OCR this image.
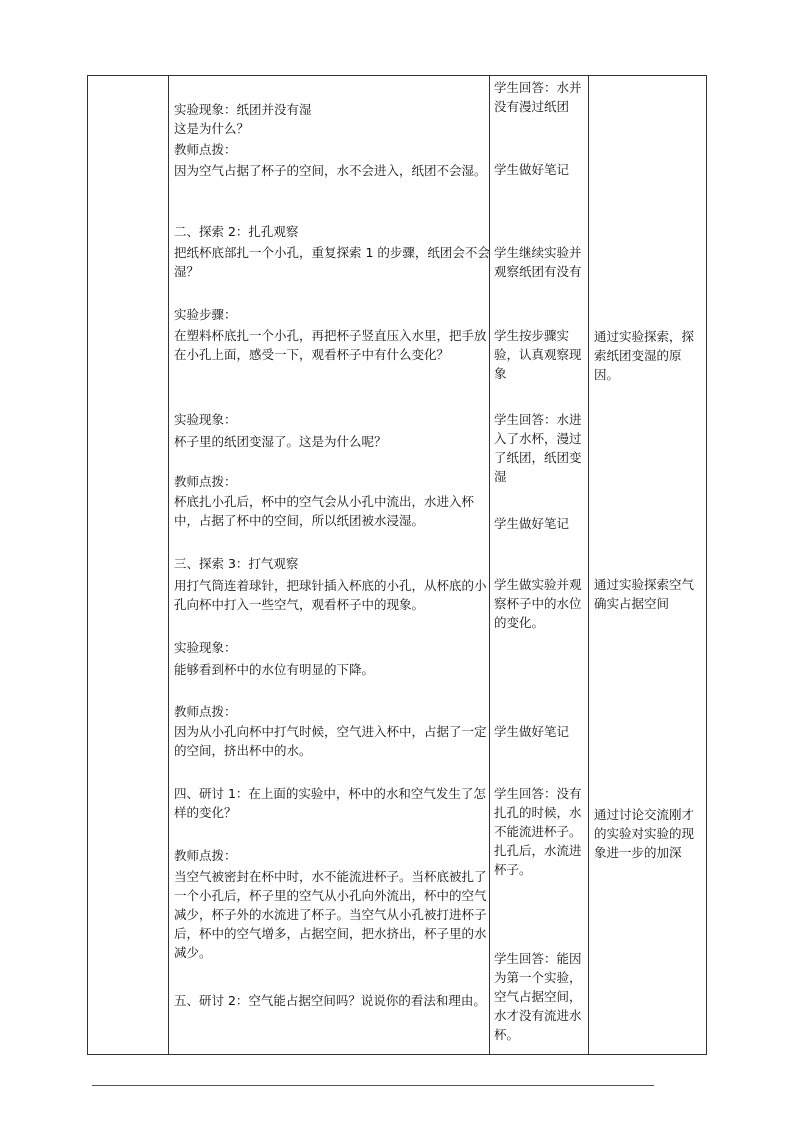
实验现象：纸团并没有湿

这是为什么？

教师点拨：

因为空气占据了杯子的空间，水不会进入，纸团不会湿。

二、探索 2：扎孔观察

把纸杯底部扎一个小孔，重复探索 1 的步骤，纸团会不会湿？

实验步骤：

在塑料杯底扎一个小孔，再把杯子竖直压入水里，把手放在小孔上面，感受一下，观看杯子中有什么变化？

实验现象：

杯子里的纸团变湿了。这是为什么呢？

教师点拨：

杯底扎小孔后，杯中的空气会从小孔中流出，水进入杯中，占据了杯中的空间，所以纸团被水浸湿。

三、探索 3：打气观察

用打气筒连着球针，把球针插入杯底的小孔，从杯底的小孔向杯中打入一些空气，观看杯子中的现象。

实验现象：

能够看到杯中的水位有明显的下降。

教师点拨：

因为从小孔向杯中打气时候，空气进入杯中，占据了一定的空间，挤出杯中的水。

四、研讨 1：在上面的实验中，杯中的水和空气发生了怎样的变化？

教师点拨：

当空气被密封在杯中时，水不能流进杯子。当杯底被扎了一个小孔后，杯子里的空气从小孔向外流出，杯中的空气减少，杯子外的水流进了杯子。当空气从小孔被打进杯子后，杯中的空气增多，占据空间，把水挤出，杯子里的水减少。

五、研讨 2：空气能占据空间吗？说说你的看法和理由。

学生回答：水并没有漫过纸团

学生做好笔记

学生继续实验并观察纸团有没有

学生按步骤实验，认真观察现象

学生回答：水进入了水杯，漫过了纸团，纸团变湿

学生做好笔记

学生做实验并观察杯子中的水位的变化。

学生做好笔记

学生回答：没有扎孔的时候，水不能流进杯子。扎孔后，水流进杯子。

学生回答：能因为第一个实验，空气占据空间，水才没有流进水杯。

通过实验探索，探索纸团变湿的原因。

通过实验探索空气确实占据空间

通过讨论交流刚才的实验对实验的现象进一步的加深
